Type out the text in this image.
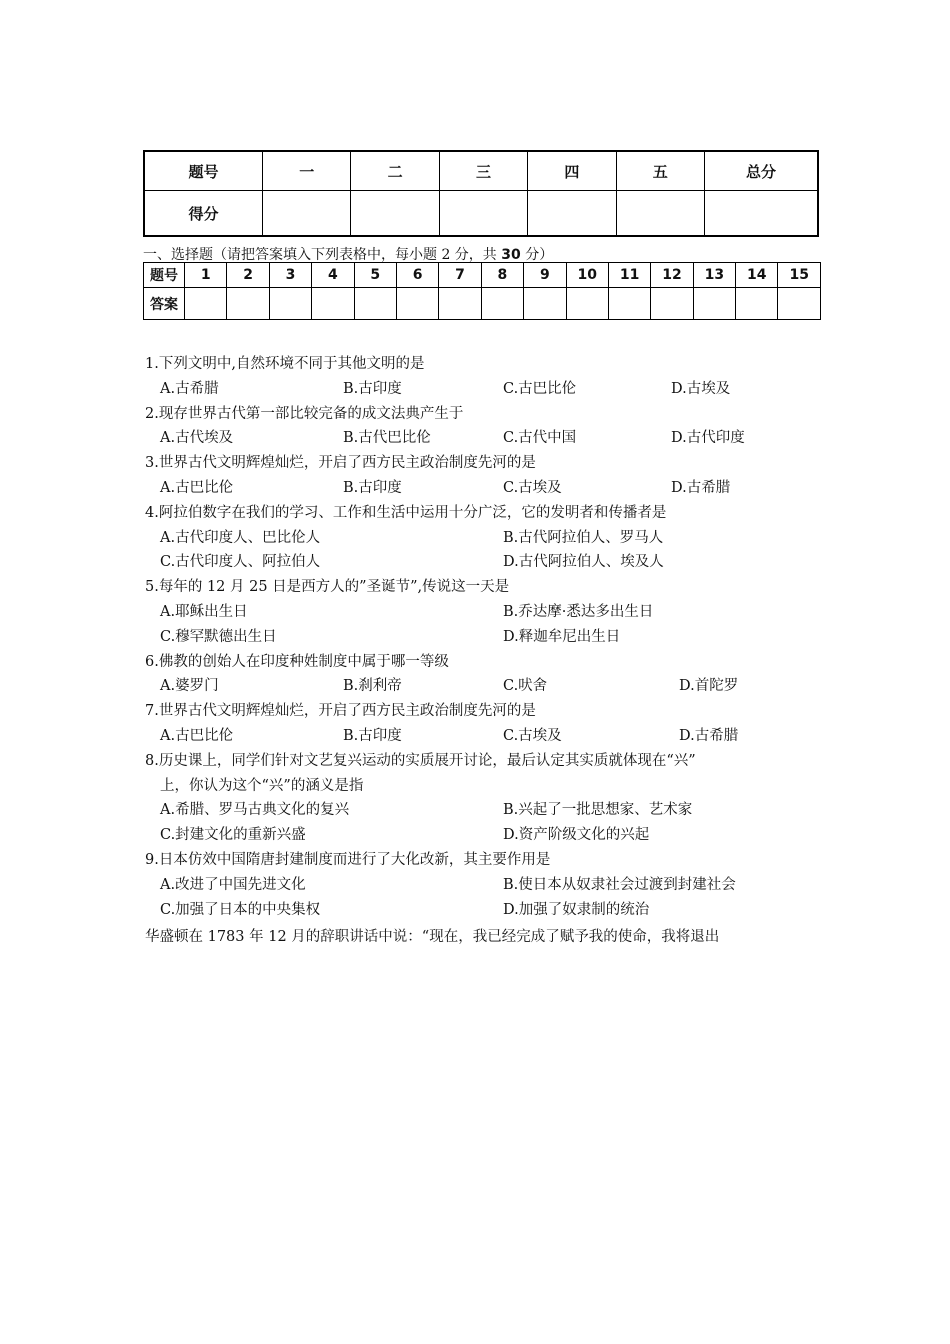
题号	一	二	三	四	五	总分
得分						
一、选择题（请把答案填入下列表格中，每小题 2 分，共 30 分）
题号	1	2	3	4	5	6	7	8	9	10	11	12	13	14	15
答案															
1.下列文明中,自然环境不同于其他文明的是
A.古希腊	B.古印度	C.古巴比伦	D.古埃及
2.现存世界古代第一部比较完备的成文法典产生于
A.古代埃及	B.古代巴比伦	C.古代中国	D.古代印度
3.世界古代文明辉煌灿烂，开启了西方民主政治制度先河的是
A.古巴比伦	B.古印度	C.古埃及	D.古希腊
4.阿拉伯数字在我们的学习、工作和生活中运用十分广泛，它的发明者和传播者是
A.古代印度人、巴比伦人	B.古代阿拉伯人、罗马人
C.古代印度人、阿拉伯人	D.古代阿拉伯人、埃及人
5.每年的 12 月 25 日是西方人的”圣诞节”,传说这一天是
A.耶稣出生日	B.乔达摩·悉达多出生日
C.穆罕默德出生日	D.释迦牟尼出生日
6.佛教的创始人在印度种姓制度中属于哪一等级
A.婆罗门	B.刹利帝	C.吠舍	D.首陀罗
7.世界古代文明辉煌灿烂，开启了西方民主政治制度先河的是
A.古巴比伦	B.古印度	C.古埃及	D.古希腊
8.历史课上，同学们针对文艺复兴运动的实质展开讨论，最后认定其实质就体现在“兴”
上，你认为这个“兴”的涵义是指
A.希腊、罗马古典文化的复兴	B.兴起了一批思想家、艺术家
C.封建文化的重新兴盛	D.资产阶级文化的兴起
9.日本仿效中国隋唐封建制度而进行了大化改新，其主要作用是
A.改进了中国先进文化	B.使日本从奴隶社会过渡到封建社会
C.加强了日本的中央集权	D.加强了奴隶制的统治
华盛顿在 1783 年 12 月的辞职讲话中说：“现在，我已经完成了赋予我的使命，我将退出
